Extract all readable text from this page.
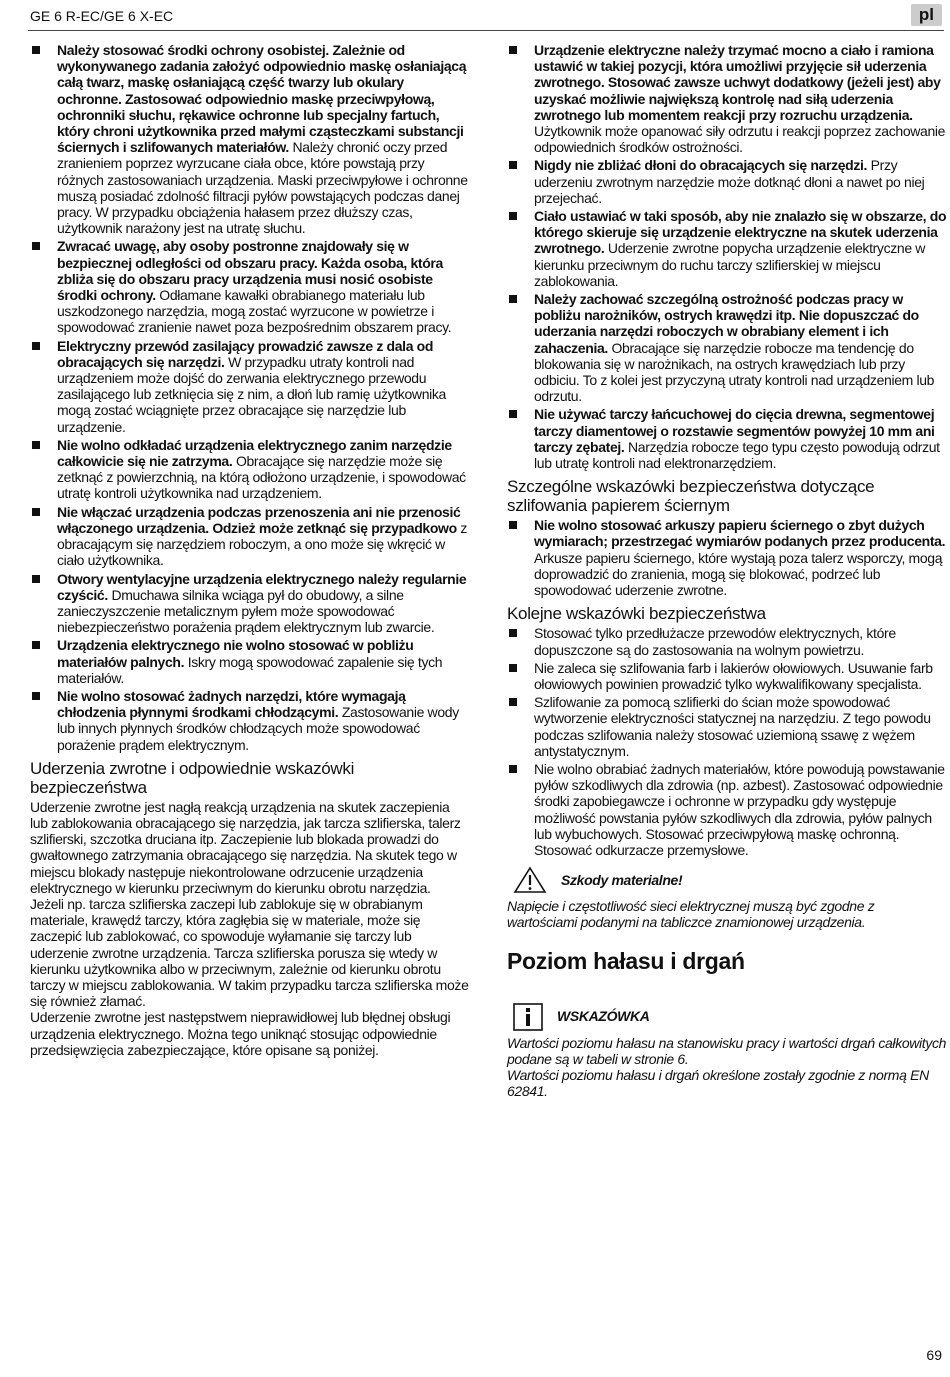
GE 6 R-EC/GE 6 X-EC	pl
Należy stosować środki ochrony osobistej. Zależnie od wykonywanego zadania założyć odpowiednio maskę osłaniającą całą twarz, maskę osłaniającą część twarzy lub okulary ochronne. Zastosować odpowiednio maskę przeciwpyłową, ochronniki słuchu, rękawice ochronne lub specjalny fartuch, który chroni użytkownika przed małymi cząsteczkami substancji ściernych i szlifowanych materiałów. Należy chronić oczy przed zranieniem poprzez wyrzucane ciała obce, które powstają przy różnych zastosowaniach urządzenia. Maski przeciwpyłowe i ochronne muszą posiadać zdolność filtracji pyłów powstających podczas danej pracy. W przypadku obciążenia hałasem przez dłuższy czas, użytkownik narażony jest na utratę słuchu.
Zwracać uwagę, aby osoby postronne znajdowały się w bezpiecznej odległości od obszaru pracy. Każda osoba, która zbliża się do obszaru pracy urządzenia musi nosić osobiste środki ochrony. Odłamane kawałki obrabianego materiału lub uszkodzonego narzędzia, mogą zostać wyrzucone w powietrze i spowodować zranienie nawet poza bezpośrednim obszarem pracy.
Elektryczny przewód zasilający prowadzić zawsze z dala od obracających się narzędzi. W przypadku utraty kontroli nad urządzeniem może dojść do zerwania elektrycznego przewodu zasilającego lub zetknięcia się z nim, a dłoń lub ramię użytkownika mogą zostać wciągnięte przez obracające się narzędzie lub urządzenie.
Nie wolno odkładać urządzenia elektrycznego zanim narzędzie całkowicie się nie zatrzyma. Obracające się narzędzie może się zetknąć z powierzchnią, na którą odłożono urządzenie, i spowodować utratę kontroli użytkownika nad urządzeniem.
Nie włączać urządzenia podczas przenoszenia ani nie przenosić włączonego urządzenia. Odzież może zetknąć się przypadkowo z obracającym się narzędziem roboczym, a ono może się wkręcić w ciało użytkownika.
Otwory wentylacyjne urządzenia elektrycznego należy regularnie czyścić. Dmuchawa silnika wciąga pył do obudowy, a silne zanieczyszczenie metalicznym pyłem może spowodować niebezpieczeństwo porażenia prądem elektrycznym lub zwarcie.
Urządzenia elektrycznego nie wolno stosować w pobliżu materiałów palnych. Iskry mogą spowodować zapalenie się tych materiałów.
Nie wolno stosować żadnych narzędzi, które wymagają chłodzenia płynnymi środkami chłodzącymi. Zastosowanie wody lub innych płynnych środków chłodzących może spowodować porażenie prądem elektrycznym.
Uderzenia zwrotne i odpowiednie wskazówki bezpieczeństwa
Uderzenie zwrotne jest nagłą reakcją urządzenia na skutek zaczepienia lub zablokowania obracającego się narzędzia, jak tarcza szlifierska, talerz szlifierski, szczotka druciana itp. Zaczepienie lub blokada prowadzi do gwałtownego zatrzymania obracającego się narzędzia. Na skutek tego w miejscu blokady następuje niekontrolowane odrzucenie urządzenia elektrycznego w kierunku przeciwnym do kierunku obrotu narzędzia.
Jeżeli np. tarcza szlifierska zaczepi lub zablokuje się w obrabianym materiale, krawędź tarczy, która zagłębia się w materiale, może się zaczepić lub zablokować, co spowoduje wyłamanie się tarczy lub uderzenie zwrotne urządzenia. Tarcza szlifierska porusza się wtedy w kierunku użytkownika albo w przeciwnym, zależnie od kierunku obrotu tarczy w miejscu zablokowania. W takim przypadku tarcza szlifierska może się również złamać.
Uderzenie zwrotne jest następstwem nieprawidłowej lub błędnej obsługi urządzenia elektrycznego. Można tego uniknąć stosując odpowiednie przedsięwzięcia zabezpieczające, które opisane są poniżej.
Urządzenie elektryczne należy trzymać mocno a ciało i ramiona ustawić w takiej pozycji, która umożliwi przyjęcie sił uderzenia zwrotnego. Stosować zawsze uchwyt dodatkowy (jeżeli jest) aby uzyskać możliwie największą kontrolę nad siłą uderzenia zwrotnego lub momentem reakcji przy rozruchu urządzenia. Użytkownik może opanować siły odrzutu i reakcji poprzez zachowanie odpowiednich środków ostrożności.
Nigdy nie zbliżać dłoni do obracających się narzędzi. Przy uderzeniu zwrotnym narzędzie może dotknąć dłoni a nawet po niej przejechać.
Ciało ustawiać w taki sposób, aby nie znalazło się w obszarze, do którego skieruje się urządzenie elektryczne na skutek uderzenia zwrotnego. Uderzenie zwrotne popycha urządzenie elektryczne w kierunku przeciwnym do ruchu tarczy szlifierskiej w miejscu zablokowania.
Należy zachować szczególną ostrożność podczas pracy w pobliżu narożników, ostrych krawędzi itp. Nie dopuszczać do uderzania narzędzi roboczych w obrabiany element i ich zahaczenia. Obracające się narzędzie robocze ma tendencję do blokowania się w narożnikach, na ostrych krawędziach lub przy odbiciu. To z kolei jest przyczyną utraty kontroli nad urządzeniem lub odrzutu.
Nie używać tarczy łańcuchowej do cięcia drewna, segmentowej tarczy diamentowej o rozstawie segmentów powyżej 10 mm ani tarczy zębatej. Narzędzia robocze tego typu często powodują odrzut lub utratę kontroli nad elektronarzędziem.
Szczególne wskazówki bezpieczeństwa dotyczące szlifowania papierem ściernym
Nie wolno stosować arkuszy papieru ściernego o zbyt dużych wymiarach; przestrzegać wymiarów podanych przez producenta. Arkusze papieru ściernego, które wystają poza talerz wsporczy, mogą doprowadzić do zranienia, mogą się blokować, podrzeć lub spowodować uderzenie zwrotne.
Kolejne wskazówki bezpieczeństwa
Stosować tylko przedłużacze przewodów elektrycznych, które dopuszczone są do zastosowania na wolnym powietrzu.
Nie zaleca się szlifowania farb i lakierów ołowiowych. Usuwanie farb ołowiowych powinien prowadzić tylko wykwalifikowany specjalista.
Szlifowanie za pomocą szlifierki do ścian może spowodować wytworzenie elektryczności statycznej na narzędziu. Z tego powodu podczas szlifowania należy stosować uziemioną ssawę z wężem antystatycznym.
Nie wolno obrabiać żadnych materiałów, które powodują powstawanie pyłów szkodliwych dla zdrowia (np. azbest). Zastosować odpowiednie środki zapobiegawcze i ochronne w przypadku gdy występuje możliwość powstania pyłów szkodliwych dla zdrowia, pyłów palnych lub wybuchowych. Stosować przeciwpyłową maskę ochronną. Stosować odkurzacze przemysłowe.
Szkody materialne!
Napięcie i częstotliwość sieci elektrycznej muszą być zgodne z wartościami podanymi na tabliczce znamionowej urządzenia.
Poziom hałasu i drgań
WSKAZÓWKA
Wartości poziomu hałasu na stanowisku pracy i wartości drgań całkowitych podane są w tabeli w stronie 6.
Wartości poziomu hałasu i drgań określone zostały zgodnie z normą EN 62841.
69
